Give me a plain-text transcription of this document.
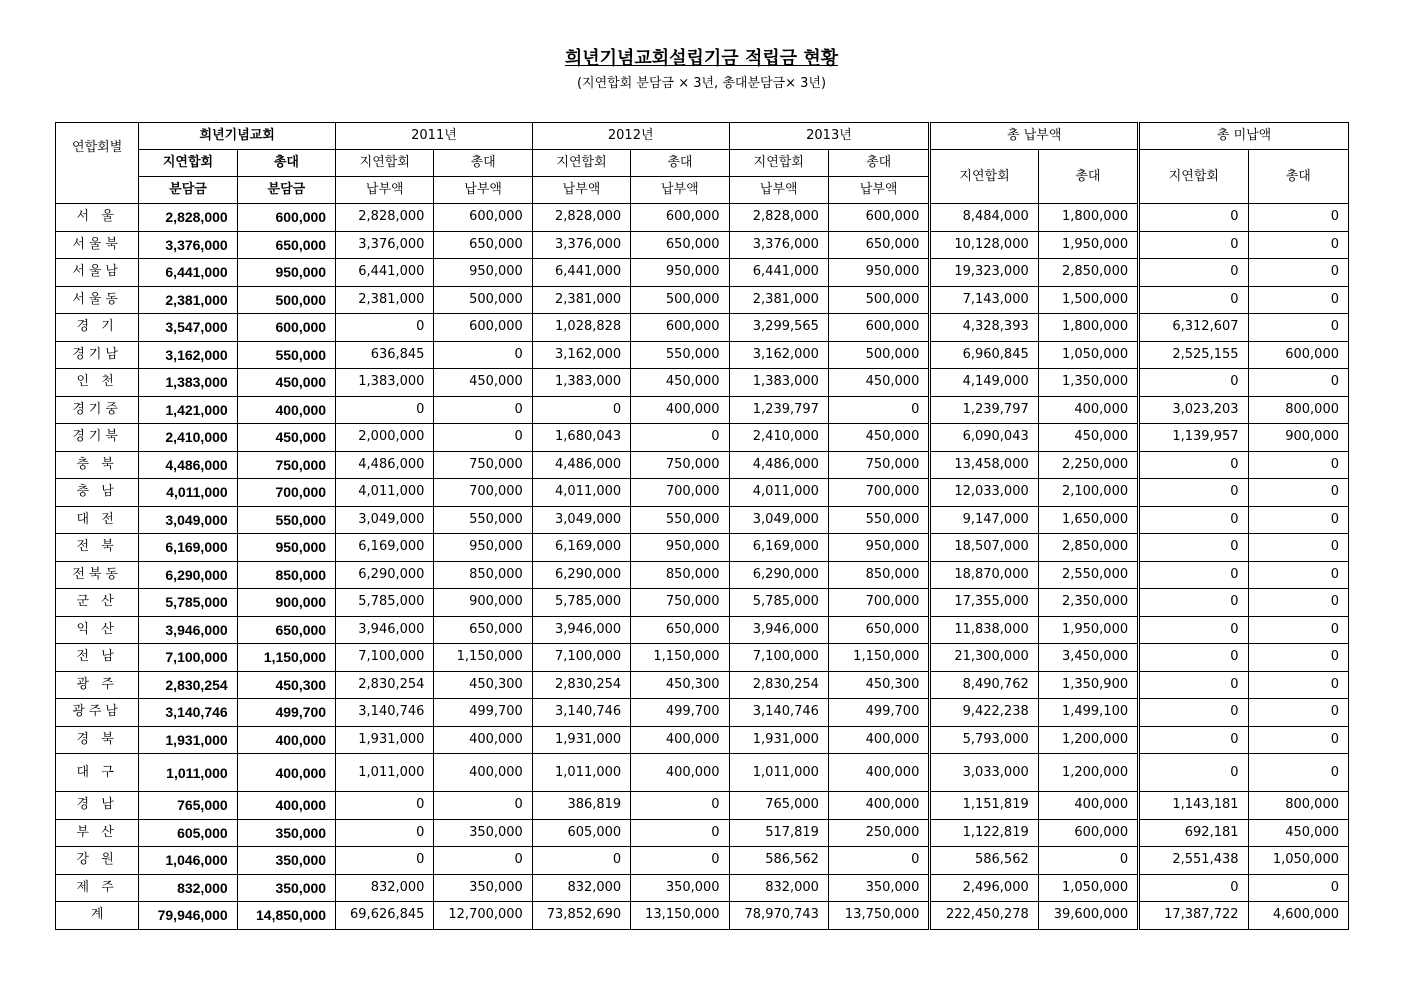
희년기념교회설립기금 적립금 현황
(지연합회 분담금 × 3년, 총대분담금× 3년)
연합회별	희년기념교회		2011년		2012년		2013년		총 납부액		총 미납액	
	지연합회	총대	지연합회	총대	지연합회	총대	지연합회	총대	지연합회	총대	지연합회	총대
	분담금	분담금	납부액	납부액	납부액	납부액	납부액	납부액				
서 울	2,828,000	600,000	2,828,000	600,000	2,828,000	600,000	2,828,000	600,000	8,484,000	1,800,000	0	0
서울북	3,376,000	650,000	3,376,000	650,000	3,376,000	650,000	3,376,000	650,000	10,128,000	1,950,000	0	0
서울남	6,441,000	950,000	6,441,000	950,000	6,441,000	950,000	6,441,000	950,000	19,323,000	2,850,000	0	0
서울동	2,381,000	500,000	2,381,000	500,000	2,381,000	500,000	2,381,000	500,000	7,143,000	1,500,000	0	0
경 기	3,547,000	600,000	0	600,000	1,028,828	600,000	3,299,565	600,000	4,328,393	1,800,000	6,312,607	0
경기남	3,162,000	550,000	636,845	0	3,162,000	550,000	3,162,000	500,000	6,960,845	1,050,000	2,525,155	600,000
인 천	1,383,000	450,000	1,383,000	450,000	1,383,000	450,000	1,383,000	450,000	4,149,000	1,350,000	0	0
경기중	1,421,000	400,000	0	0	0	400,000	1,239,797	0	1,239,797	400,000	3,023,203	800,000
경기북	2,410,000	450,000	2,000,000	0	1,680,043	0	2,410,000	450,000	6,090,043	450,000	1,139,957	900,000
충 북	4,486,000	750,000	4,486,000	750,000	4,486,000	750,000	4,486,000	750,000	13,458,000	2,250,000	0	0
충 남	4,011,000	700,000	4,011,000	700,000	4,011,000	700,000	4,011,000	700,000	12,033,000	2,100,000	0	0
대 전	3,049,000	550,000	3,049,000	550,000	3,049,000	550,000	3,049,000	550,000	9,147,000	1,650,000	0	0
전 북	6,169,000	950,000	6,169,000	950,000	6,169,000	950,000	6,169,000	950,000	18,507,000	2,850,000	0	0
전북동	6,290,000	850,000	6,290,000	850,000	6,290,000	850,000	6,290,000	850,000	18,870,000	2,550,000	0	0
군 산	5,785,000	900,000	5,785,000	900,000	5,785,000	750,000	5,785,000	700,000	17,355,000	2,350,000	0	0
익 산	3,946,000	650,000	3,946,000	650,000	3,946,000	650,000	3,946,000	650,000	11,838,000	1,950,000	0	0
전 남	7,100,000	1,150,000	7,100,000	1,150,000	7,100,000	1,150,000	7,100,000	1,150,000	21,300,000	3,450,000	0	0
광 주	2,830,254	450,300	2,830,254	450,300	2,830,254	450,300	2,830,254	450,300	8,490,762	1,350,900	0	0
광주남	3,140,746	499,700	3,140,746	499,700	3,140,746	499,700	3,140,746	499,700	9,422,238	1,499,100	0	0
경 북	1,931,000	400,000	1,931,000	400,000	1,931,000	400,000	1,931,000	400,000	5,793,000	1,200,000	0	0
대 구	1,011,000	400,000	1,011,000	400,000	1,011,000	400,000	1,011,000	400,000	3,033,000	1,200,000	0	0
경 남	765,000	400,000	0	0	386,819	0	765,000	400,000	1,151,819	400,000	1,143,181	800,000
부 산	605,000	350,000	0	350,000	605,000	0	517,819	250,000	1,122,819	600,000	692,181	450,000
강 원	1,046,000	350,000	0	0	0	0	586,562	0	586,562	0	2,551,438	1,050,000
제 주	832,000	350,000	832,000	350,000	832,000	350,000	832,000	350,000	2,496,000	1,050,000	0	0
계	79,946,000	14,850,000	69,626,845	12,700,000	73,852,690	13,150,000	78,970,743	13,750,000	222,450,278	39,600,000	17,387,722	4,600,000
